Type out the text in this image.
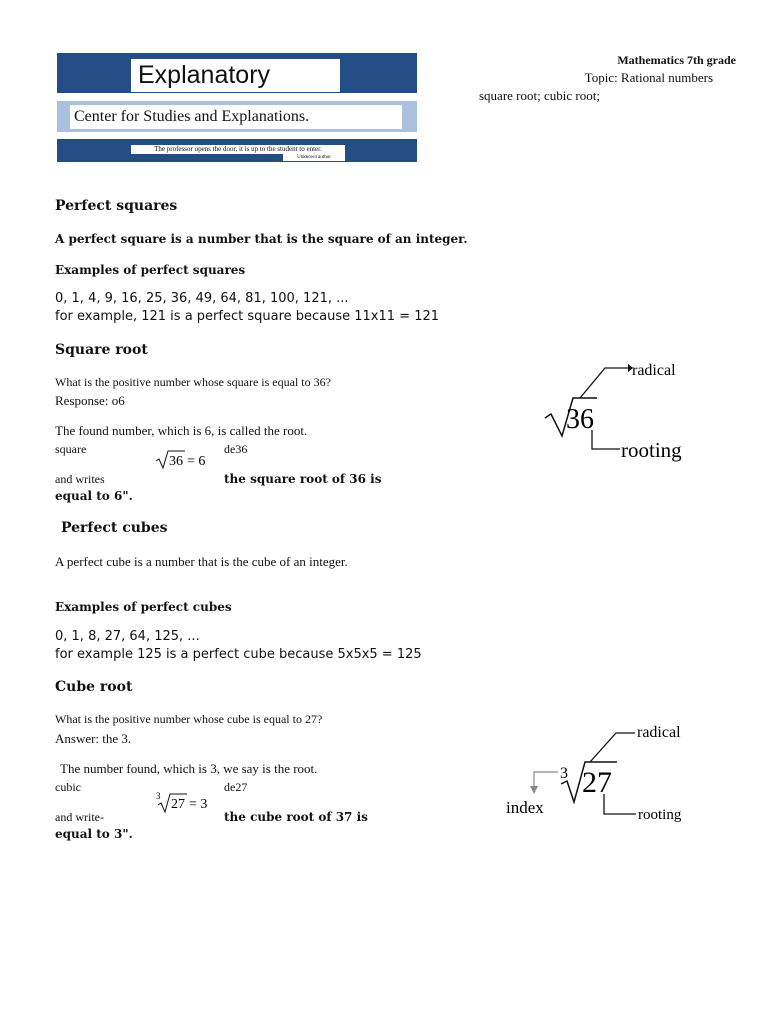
Explanatory
Center for Studies and Explanations.
The professor opens the door, it is up to the student to enter.
Unknown author
Mathematics 7th grade
Topic: Rational numbers
square root; cubic root;
Perfect squares
A perfect square is a number that is the square of an integer.
Examples of perfect squares
0, 1, 4, 9, 16, 25, 36, 49, 64, 81, 100, 121, ...
for example, 121 is a perfect square because 11x11 = 121
Square root
What is the positive number whose square is equal to 36?
Response: o6
The found number, which is 6, is called the root.
square	de36
and writes
36 = 6
the square root of 36 is
equal to 6".
36
radical
rooting
Perfect cubes
A perfect cube is a number that is the cube of an integer.
Examples of perfect cubes
0, 1, 8, 27, 64, 125, ...
for example 125 is a perfect cube because 5x5x5 = 125
Cube root
What is the positive number whose cube is equal to 27?
Answer: the 3.
The number found, which is 3, we say is the root.
cubic	de27
and write-
3
27 = 3
the cube root of 37 is
equal to 3".
3 27
radical
index	rooting
